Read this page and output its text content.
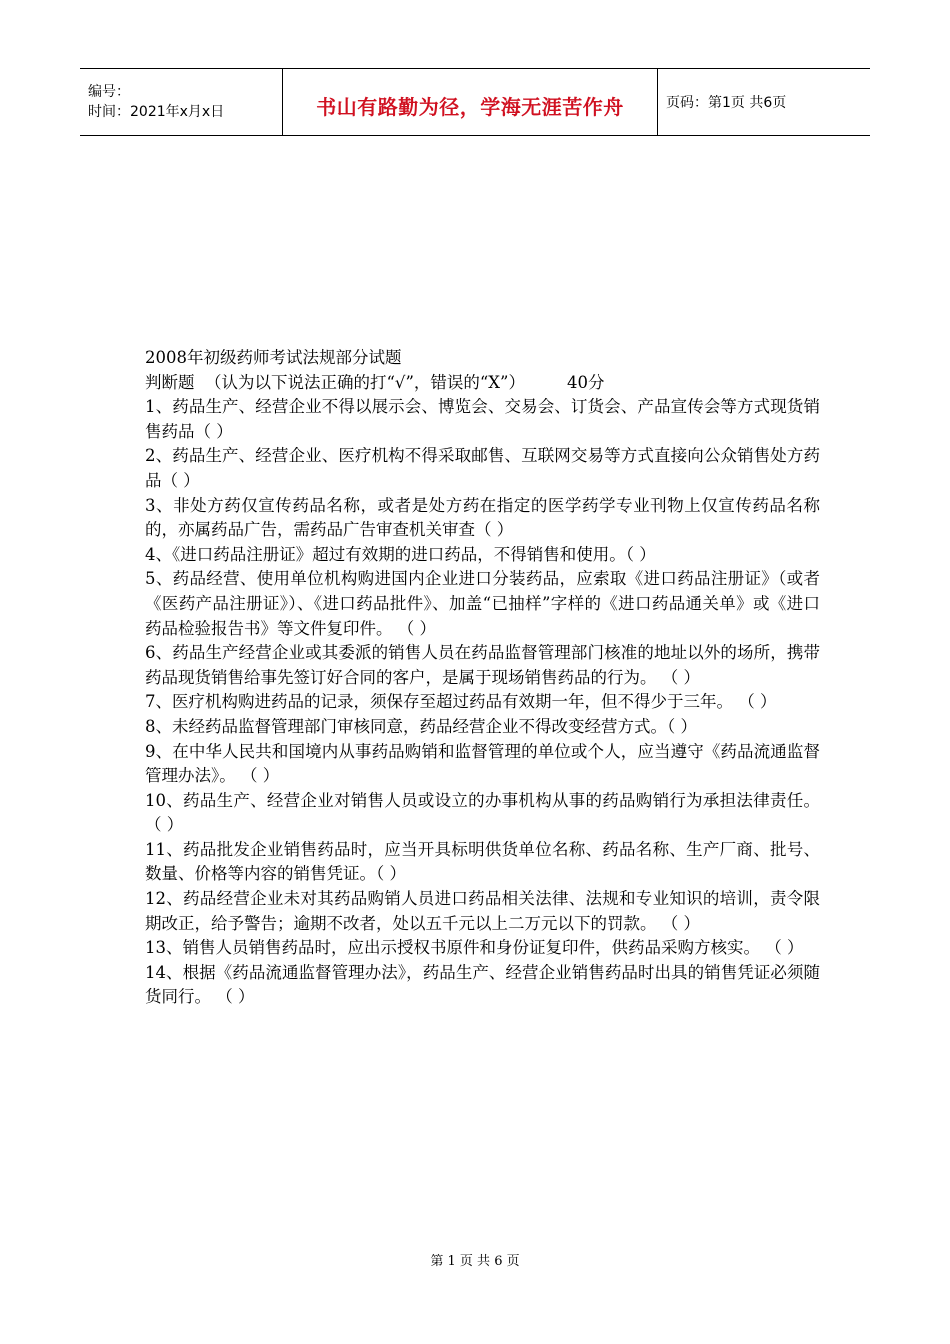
编号：
时间：2021年x月x日	书山有路勤为径，学海无涯苦作舟	页码：第1页 共6页

2008年初级药师考试法规部分试题

判断题  （认为以下说法正确的打“√”，错误的“X”）        40分

1、药品生产、经营企业不得以展示会、博览会、交易会、订货会、产品宣传会等方式现货销售药品（ ）

2、药品生产、经营企业、医疗机构不得采取邮售、互联网交易等方式直接向公众销售处方药品（ ）

3、非处方药仅宣传药品名称，或者是处方药在指定的医学药学专业刊物上仅宣传药品名称的，亦属药品广告，需药品广告审查机关审查（ ）

4、《进口药品注册证》超过有效期的进口药品，不得销售和使用。（ ）

5、药品经营、使用单位机构购进国内企业进口分装药品，应索取《进口药品注册证》（或者《医药产品注册证》）、《进口药品批件》、加盖“已抽样”字样的《进口药品通关单》或《进口药品检验报告书》等文件复印件。 （ ）

6、药品生产经营企业或其委派的销售人员在药品监督管理部门核准的地址以外的场所，携带药品现货销售给事先签订好合同的客户，是属于现场销售药品的行为。 （ ）

7、医疗机构购进药品的记录，须保存至超过药品有效期一年，但不得少于三年。 （ ）

8、未经药品监督管理部门审核同意，药品经营企业不得改变经营方式。（ ）

9、在中华人民共和国境内从事药品购销和监督管理的单位或个人，应当遵守《药品流通监督管理办法》。 （ ）

10、药品生产、经营企业对销售人员或设立的办事机构从事的药品购销行为承担法律责任。 （ ）

11、药品批发企业销售药品时，应当开具标明供货单位名称、药品名称、生产厂商、批号、数量、价格等内容的销售凭证。（ ）

12、药品经营企业未对其药品购销人员进口药品相关法律、法规和专业知识的培训，责令限期改正，给予警告；逾期不改者，处以五千元以上二万元以下的罚款。 （ ）

13、销售人员销售药品时，应出示授权书原件和身份证复印件，供药品采购方核实。 （ ）

14、根据《药品流通监督管理办法》，药品生产、经营企业销售药品时出具的销售凭证必须随货同行。 （ ）

第 1 页 共 6 页
